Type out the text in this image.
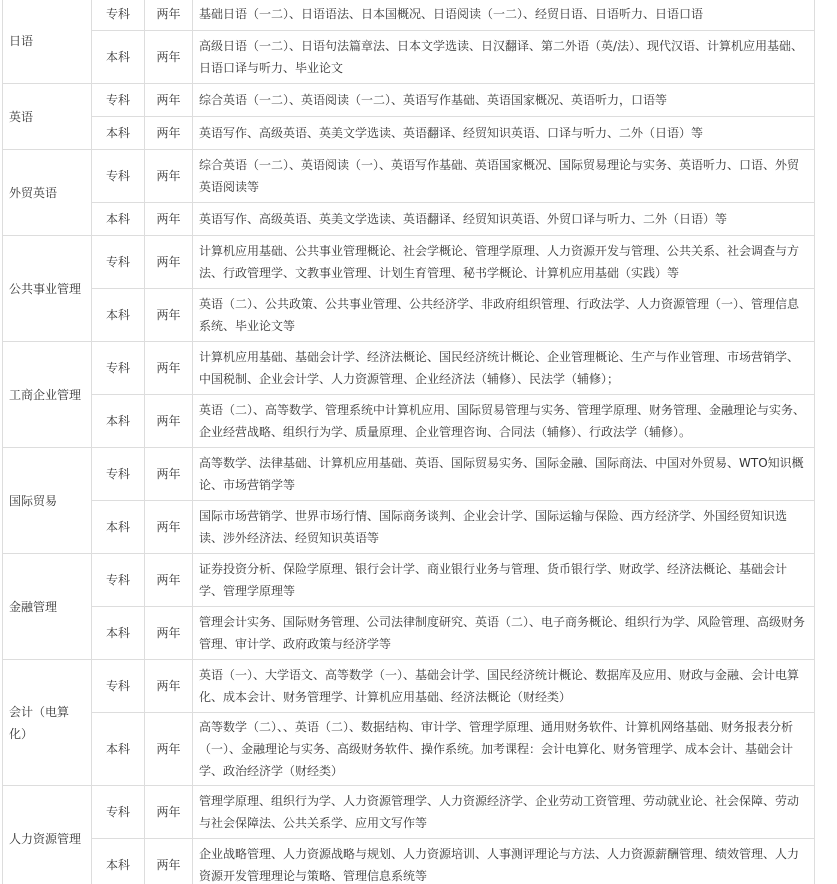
日语	专科	两年	基础日语（一二）、日语语法、日本国概况、日语阅读（一二）、经贸日语、日语听力、日语口语
	本科	两年	高级日语（一二）、日语句法篇章法、日本文学选读、日汉翻译、第二外语（英/法）、现代汉语、计算机应用基础、日语口译与听力、毕业论文
英语	专科	两年	综合英语（一二）、英语阅读（一二）、英语写作基础、英语国家概况、英语听力，口语等
	本科	两年	英语写作、高级英语、英美文学选读、英语翻译、经贸知识英语、口译与听力、二外（日语）等
外贸英语	专科	两年	综合英语（一二）、英语阅读（一）、英语写作基础、英语国家概况、国际贸易理论与实务、英语听力、口语、外贸英语阅读等
	本科	两年	英语写作、高级英语、英美文学选读、英语翻译、经贸知识英语、外贸口译与听力、二外（日语）等
公共事业管理	专科	两年	计算机应用基础、公共事业管理概论、社会学概论、管理学原理、人力资源开发与管理、公共关系、社会调查与方法、行政管理学、文教事业管理、计划生育管理、秘书学概论、计算机应用基础（实践）等
	本科	两年	英语（二）、公共政策、公共事业管理、公共经济学、非政府组织管理、行政法学、人力资源管理（一）、管理信息系统、毕业论文等
工商企业管理	专科	两年	计算机应用基础、基础会计学、经济法概论、国民经济统计概论、企业管理概论、生产与作业管理、市场营销学、中国税制、企业会计学、人力资源管理、企业经济法（辅修）、民法学（辅修）；
	本科	两年	英语（二）、高等数学、管理系统中计算机应用、国际贸易管理与实务、管理学原理、财务管理、金融理论与实务、企业经营战略、组织行为学、质量原理、企业管理咨询、合同法（辅修）、行政法学（辅修）。
国际贸易	专科	两年	高等数学、法律基础、计算机应用基础、英语、国际贸易实务、国际金融、国际商法、中国对外贸易、WTO知识概论、市场营销学等
	本科	两年	国际市场营销学、世界市场行情、国际商务谈判、企业会计学、国际运输与保险、西方经济学、外国经贸知识选读、涉外经济法、经贸知识英语等
金融管理	专科	两年	证券投资分析、保险学原理、银行会计学、商业银行业务与管理、货币银行学、财政学、经济法概论、基础会计学、管理学原理等
	本科	两年	管理会计实务、国际财务管理、公司法律制度研究、英语（二）、电子商务概论、组织行为学、风险管理、高级财务管理、审计学、政府政策与经济学等
会计（电算化）	专科	两年	英语（一）、大学语文、高等数学（一）、基础会计学、国民经济统计概论、数据库及应用、财政与金融、会计电算化、成本会计、财务管理学、计算机应用基础、经济法概论（财经类）
	本科	两年	高等数学（二）、、英语（二）、数据结构、审计学、管理学原理、通用财务软件、计算机网络基础、财务报表分析（一）、金融理论与实务、高级财务软件、操作系统。加考课程：会计电算化、财务管理学、成本会计、基础会计学、政治经济学（财经类）
人力资源管理	专科	两年	管理学原理、组织行为学、人力资源管理学、人力资源经济学、企业劳动工资管理、劳动就业论、社会保障、劳动与社会保障法、公共关系学、应用文写作等
	本科	两年	企业战略管理、人力资源战略与规划、人力资源培训、人事测评理论与方法、人力资源薪酬管理、绩效管理、人力资源开发管理理论与策略、管理信息系统等
